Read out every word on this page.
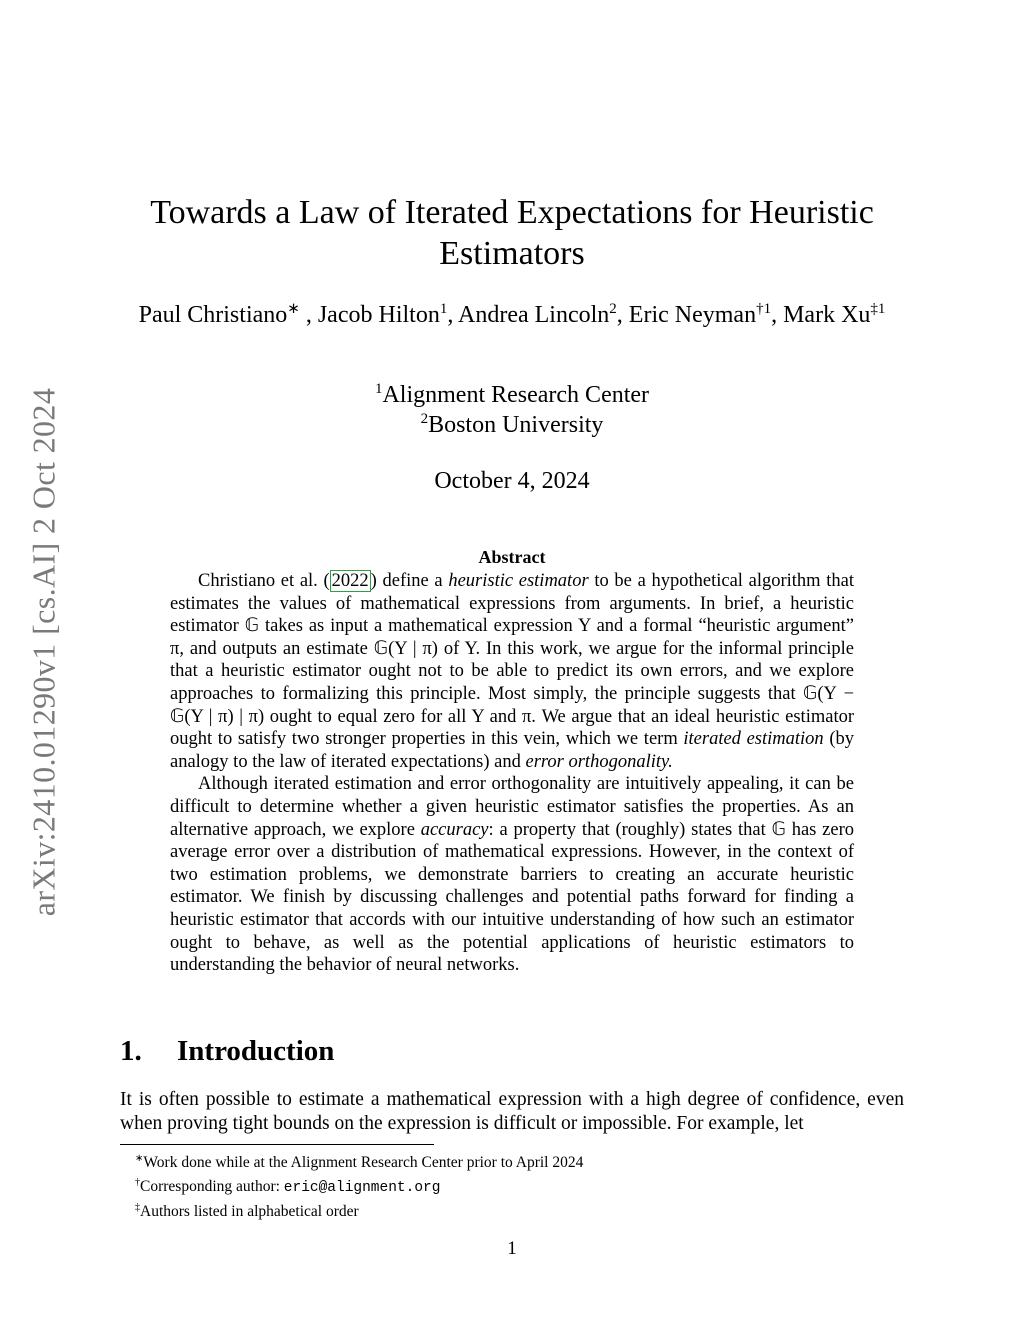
arXiv:2410.01290v1 [cs.AI] 2 Oct 2024
Towards a Law of Iterated Expectations for Heuristic Estimators
Paul Christiano∗ , Jacob Hilton$^1$, Andrea Lincoln$^2$, Eric Neyman$^{\dagger 1}$, Mark Xu$^{\ddagger 1}$
$^1$Alignment Research Center
$^2$Boston University
October 4, 2024
Abstract

Christiano et al. ( 2022 ) define a heuristic estimator to be a hypothetical algorithm that estimates the values of mathematical expressions from arguments. In brief, a heuristic estimator 𝔾 takes as input a mathematical expression Y and a formal “heuristic argument” π, and outputs an estimate 𝔾(Y | π) of Y. In this work, we argue for the informal principle that a heuristic estimator ought not to be able to predict its own errors, and we explore approaches to formalizing this principle. Most simply, the principle suggests that 𝔾(Y − 𝔾(Y | π) | π) ought to equal zero for all Y and π. We argue that an ideal heuristic estimator ought to satisfy two stronger properties in this vein, which we term iterated estimation (by analogy to the law of iterated expectations) and error orthogonality.

Although iterated estimation and error orthogonality are intuitively appealing, it can be difficult to determine whether a given heuristic estimator satisfies the properties. As an alternative approach, we explore accuracy: a property that (roughly) states that 𝔾 has zero average error over a distribution of mathematical expressions. However, in the context of two estimation problems, we demonstrate barriers to creating an accurate heuristic estimator. We finish by discussing challenges and potential paths forward for finding a heuristic estimator that accords with our intuitive understanding of how such an estimator ought to behave, as well as the potential applications of heuristic estimators to understanding the behavior of neural networks.

1. Introduction

It is often possible to estimate a mathematical expression with a high degree of confidence, even when proving tight bounds on the expression is difficult or impossible. For example, let

∗Work done while at the Alignment Research Center prior to April 2024
†Corresponding author: eric@alignment.org
‡Authors listed in alphabetical order
1
